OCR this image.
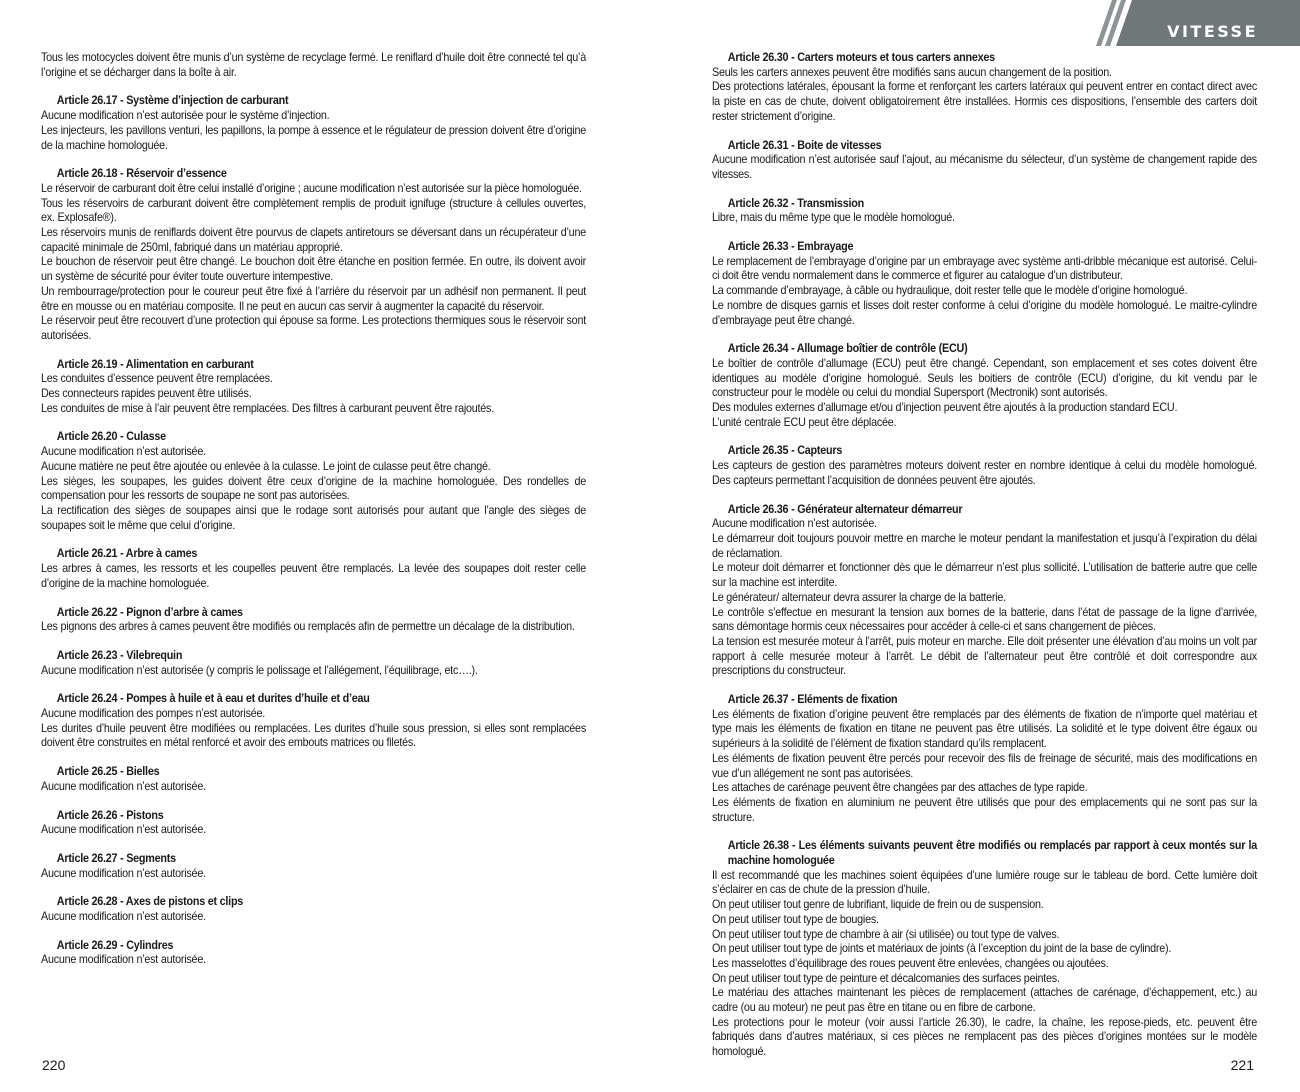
Tous les motocycles doivent être munis d’un système de recyclage fermé. Le reniflard d’huile doit être connecté tel qu’à l’origine et se décharger dans la boîte à air.

Article 26.17 - Système d’injection de carburant

Aucune modification n’est autorisée pour le système d’injection.

Les injecteurs, les pavillons venturi, les papillons, la pompe à essence et le régulateur de pression doivent être d’origine de la machine homologuée.

Article 26.18 - Réservoir d’essence

Le réservoir de carburant doit être celui installé d’origine ; aucune modification n’est autorisée sur la pièce homologuée.

Tous les réservoirs de carburant doivent être complètement remplis de produit ignifuge (structure à cellules ouvertes, ex. Explosafe®).

Les réservoirs munis de reniflards doivent être pourvus de clapets antiretours se déversant dans un récupérateur d’une capacité minimale de 250ml, fabriqué dans un matériau approprié.

Le bouchon de réservoir peut être changé. Le bouchon doit être étanche en position fermée. En outre, ils doivent avoir un système de sécurité pour éviter toute ouverture intempestive.

Un rembourrage/protection pour le coureur peut être fixé à l’arrière du réservoir par un adhésif non permanent. Il peut être en mousse ou en matériau composite. Il ne peut en aucun cas servir à augmenter la capacité du réservoir.

Le réservoir peut être recouvert d’une protection qui épouse sa forme. Les protections thermiques sous le réservoir sont autorisées.

Article 26.19 - Alimentation en carburant

Les conduites d’essence peuvent être remplacées.

Des connecteurs rapides peuvent être utilisés.

Les conduites de mise à l’air peuvent être remplacées. Des filtres à carburant peuvent être rajoutés.

Article 26.20 - Culasse

Aucune modification n’est autorisée.

Aucune matière ne peut être ajoutée ou enlevée à la culasse. Le joint de culasse peut être changé.

Les sièges, les soupapes, les guides doivent être ceux d’origine de la machine homologuée. Des rondelles de compensation pour les ressorts de soupape ne sont pas autorisées.

La rectification des sièges de soupapes ainsi que le rodage sont autorisés pour autant que l’angle des sièges de soupapes soit le même que celui d’origine.

Article 26.21 - Arbre à cames

Les arbres à cames, les ressorts et les coupelles peuvent être remplacés. La levée des soupapes doit rester celle d’origine de la machine homologuée.

Article 26.22 - Pignon d’arbre à cames

Les pignons des arbres à cames peuvent être modifiés ou remplacés afin de permettre un décalage de la distribution.

Article 26.23 - Vilebrequin

Aucune modification n’est autorisée (y compris le polissage et l’allégement, l’équilibrage, etc….).

Article 26.24 - Pompes à huile et à eau et durites d’huile et d’eau

Aucune modification des pompes n’est autorisée.

Les durites d’huile peuvent être modifiées ou remplacées. Les durites d’huile sous pression, si elles sont remplacées doivent être construites en métal renforcé et avoir des embouts matrices ou filetés.

Article 26.25 - Bielles

Aucune modification n’est autorisée.

Article 26.26 - Pistons

Aucune modification n’est autorisée.

Article 26.27 - Segments

Aucune modification n’est autorisée.

Article 26.28 - Axes de pistons et clips

Aucune modification n’est autorisée.

Article 26.29 - Cylindres

Aucune modification n’est autorisée.

220
VITESSE
Article 26.30 - Carters moteurs et tous carters annexes

Seuls les carters annexes peuvent être modifiés sans aucun changement de la position.

Des protections latérales, épousant la forme et renforçant les carters latéraux qui peuvent entrer en contact direct avec la piste en cas de chute, doivent obligatoirement être installées. Hormis ces dispositions, l’ensemble des carters doit rester strictement d’origine.

Article 26.31 - Boite de vitesses

Aucune modification n’est autorisée sauf l’ajout, au mécanisme du sélecteur, d’un système de changement rapide des vitesses.

Article 26.32 - Transmission

Libre, mais du même type que le modèle homologué.

Article 26.33 - Embrayage

Le remplacement de l’embrayage d’origine par un embrayage avec système anti-dribble mécanique est autorisé. Celui-ci doit être vendu normalement dans le commerce et figurer au catalogue d’un distributeur.

La commande d’embrayage, à câble ou hydraulique, doit rester telle que le modèle d’origine homologué.

Le nombre de disques garnis et lisses doit rester conforme à celui d’origine du modèle homologué. Le maitre-cylindre d’embrayage peut être changé.

Article 26.34 - Allumage boîtier de contrôle (ECU)

Le boîtier de contrôle d’allumage (ECU) peut être changé. Cependant, son emplacement et ses cotes doivent être identiques au modèle d’origine homologué. Seuls les boitiers de contrôle (ECU) d’origine, du kit vendu par le constructeur pour le modèle ou celui du mondial Supersport (Mectronik) sont autorisés.

Des modules externes d’allumage et/ou d’injection peuvent être ajoutés à la production standard ECU.

L’unité centrale ECU peut être déplacée.

Article 26.35 - Capteurs

Les capteurs de gestion des paramètres moteurs doivent rester en nombre identique à celui du modèle homologué. Des capteurs permettant l’acquisition de données peuvent être ajoutés.

Article 26.36 - Générateur alternateur démarreur

Aucune modification n’est autorisée.

Le démarreur doit toujours pouvoir mettre en marche le moteur pendant la manifestation et jusqu’à l’expiration du délai de réclamation.

Le moteur doit démarrer et fonctionner dès que le démarreur n’est plus sollicité. L’utilisation de batterie autre que celle sur la machine est interdite.

Le générateur/ alternateur devra assurer la charge de la batterie.

Le contrôle s’effectue en mesurant la tension aux bornes de la batterie, dans l’état de passage de la ligne d’arrivée, sans démontage hormis ceux nécessaires pour accéder à celle-ci et sans changement de pièces.

La tension est mesurée moteur à l’arrêt, puis moteur en marche. Elle doit présenter une élévation d’au moins un volt par rapport à celle mesurée moteur à l’arrêt. Le débit de l’alternateur peut être contrôlé et doit correspondre aux prescriptions du constructeur.

Article 26.37 - Eléments de fixation

Les éléments de fixation d’origine peuvent être remplacés par des éléments de fixation de n’importe quel matériau et type mais les éléments de fixation en titane ne peuvent pas être utilisés. La solidité et le type doivent être égaux ou supérieurs à la solidité de l’élément de fixation standard qu’ils remplacent.

Les éléments de fixation peuvent être percés pour recevoir des fils de freinage de sécurité, mais des modifications en vue d’un allégement ne sont pas autorisées.

Les attaches de carénage peuvent être changées par des attaches de type rapide.

Les éléments de fixation en aluminium ne peuvent être utilisés que pour des emplacements qui ne sont pas sur la structure.

Article 26.38 - Les éléments suivants peuvent être modifiés ou remplacés par rapport à ceux montés sur la machine homologuée

Il est recommandé que les machines soient équipées d’une lumière rouge sur le tableau de bord. Cette lumière doit s’éclairer en cas de chute de la pression d’huile.

On peut utiliser tout genre de lubrifiant, liquide de frein ou de suspension.

On peut utiliser tout type de bougies.

On peut utiliser tout type de chambre à air (si utilisée) ou tout type de valves.

On peut utiliser tout type de joints et matériaux de joints (à l’exception du joint de la base de cylindre).

Les masselottes d’équilibrage des roues peuvent être enlevées, changées ou ajoutées.

On peut utiliser tout type de peinture et décalcomanies des surfaces peintes.

Le matériau des attaches maintenant les pièces de remplacement (attaches de carénage, d’échappement, etc.) au cadre (ou au moteur) ne peut pas être en titane ou en fibre de carbone.

Les protections pour le moteur (voir aussi l’article 26.30), le cadre, la chaîne, les repose-pieds, etc. peuvent être fabriqués dans d’autres matériaux, si ces pièces ne remplacent pas des pièces d’origines montées sur le modèle homologué.

221
